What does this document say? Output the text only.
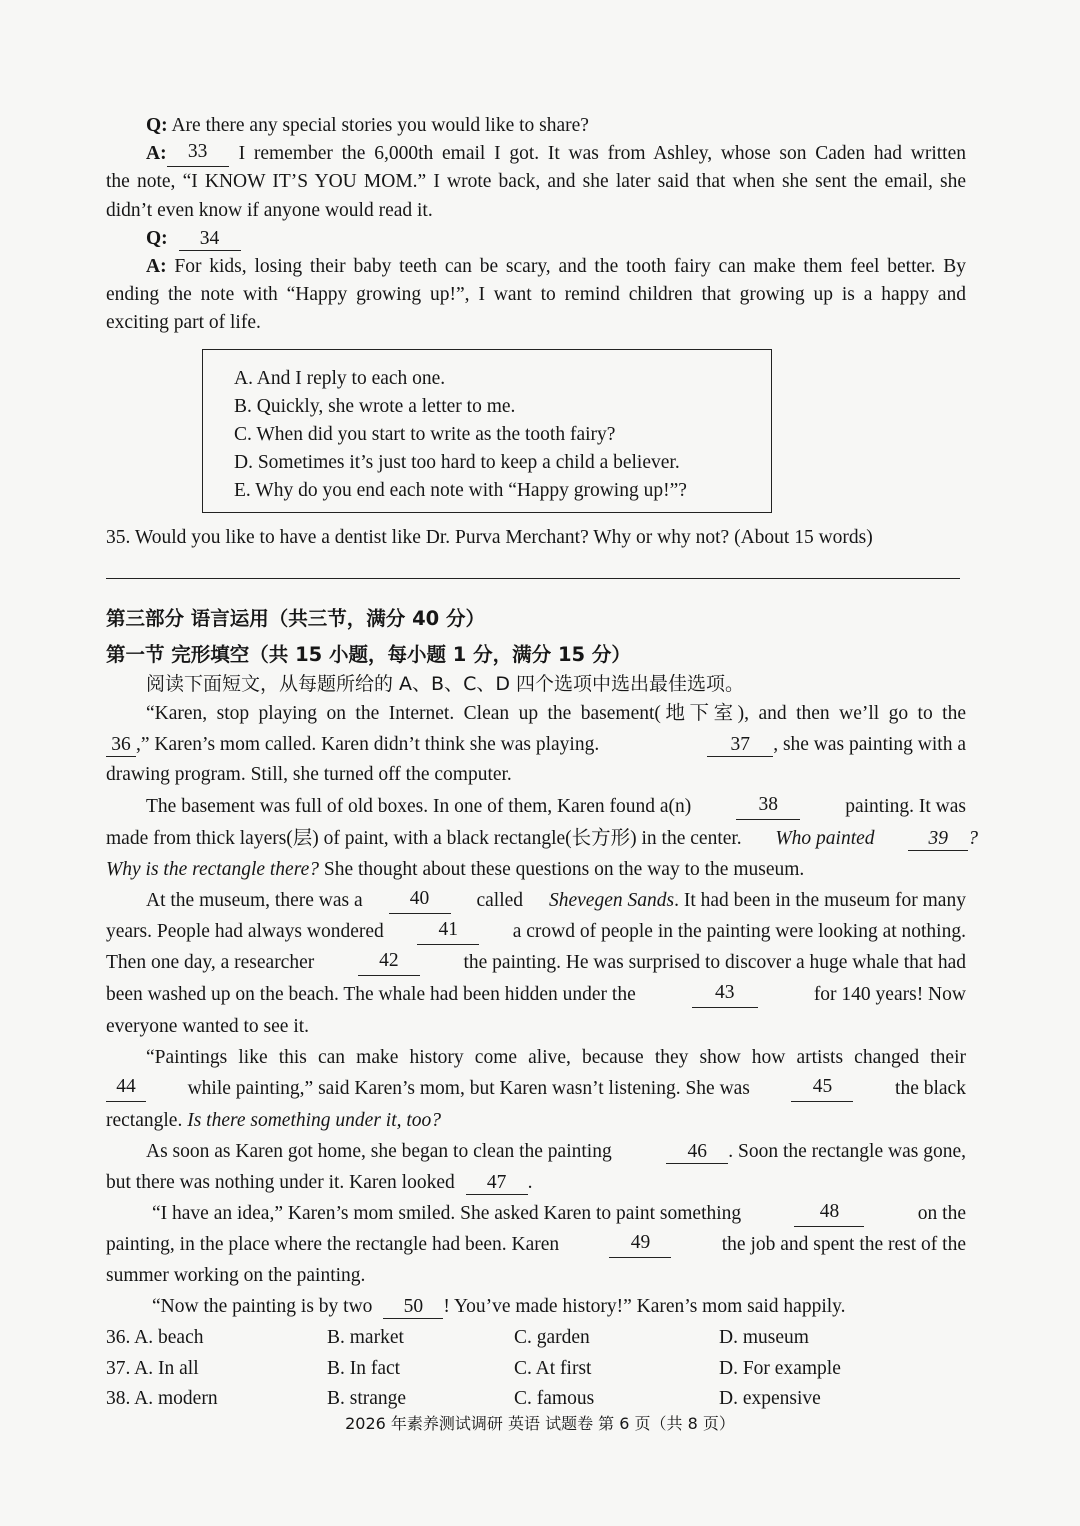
Q: Are there any special stories you would like to share?
A:	33	I remember the 6,000th email I got. It was from Ashley, whose son Caden had written
the note, “I KNOW IT’S YOU MOM.” I wrote back, and she later said that when she sent the email, she
didn’t even know if anyone would read it.
Q: 34
A: For kids, losing their baby teeth can be scary, and the tooth fairy can make them feel better. By
ending the note with “Happy growing up!”, I want to remind children that growing up is a happy and
exciting part of life.
A. And I reply to each one.
B. Quickly, she wrote a letter to me.
C. When did you start to write as the tooth fairy?
D. Sometimes it’s just too hard to keep a child a believer.
E. Why do you end each note with “Happy growing up!”?
35. Would you like to have a dentist like Dr. Purva Merchant? Why or why not? (About 15 words)
第三部分 语言运用（共三节，满分 40 分）
第一节 完形填空（共 15 小题，每小题 1 分，满分 15 分）
阅读下面短文，从每题所给的 A、B、C、D 四个选项中选出最佳选项。
“Karen, stop playing on the Internet. Clean up the basement(地下室), and then we’ll go to the
36 ,” Karen’s mom called. Karen didn’t think she was playing.	37 , she was painting with a
drawing program. Still, she turned off the computer.
The basement was full of old boxes. In one of them, Karen found a(n)	38	painting. It was
made from thick layers(层) of paint, with a black rectangle(长方形) in the center. Who painted	39 ?
Why is the rectangle there? She thought about these questions on the way to the museum.
At the museum, there was a	40	called Shevegen Sands. It had been in the museum for many
years. People had always wondered	41	a crowd of people in the painting were looking at nothing.
Then one day, a researcher	42	the painting. He was surprised to discover a huge whale that had
been washed up on the beach. The whale had been hidden under the	43	for 140 years! Now
everyone wanted to see it.
“Paintings like this can make history come alive, because they show how artists changed their
44	while painting,” said Karen’s mom, but Karen wasn’t listening. She was	45	the black
rectangle. Is there something under it, too?
As soon as Karen got home, she began to clean the painting	46 . Soon the rectangle was gone,
but there was nothing under it. Karen looked 47 .
“I have an idea,” Karen’s mom smiled. She asked Karen to paint something	48	on the
painting, in the place where the rectangle had been. Karen	49	the job and spent the rest of the
summer working on the painting.
“Now the painting is by two 50 ! You’ve made history!” Karen’s mom said happily.
36. A. beach	B. market	C. garden	D. museum
37. A. In all	B. In fact	C. At first	D. For example
38. A. modern	B. strange	C. famous	D. expensive
2026 年素养测试调研 英语 试题卷 第 6 页（共 8 页）
